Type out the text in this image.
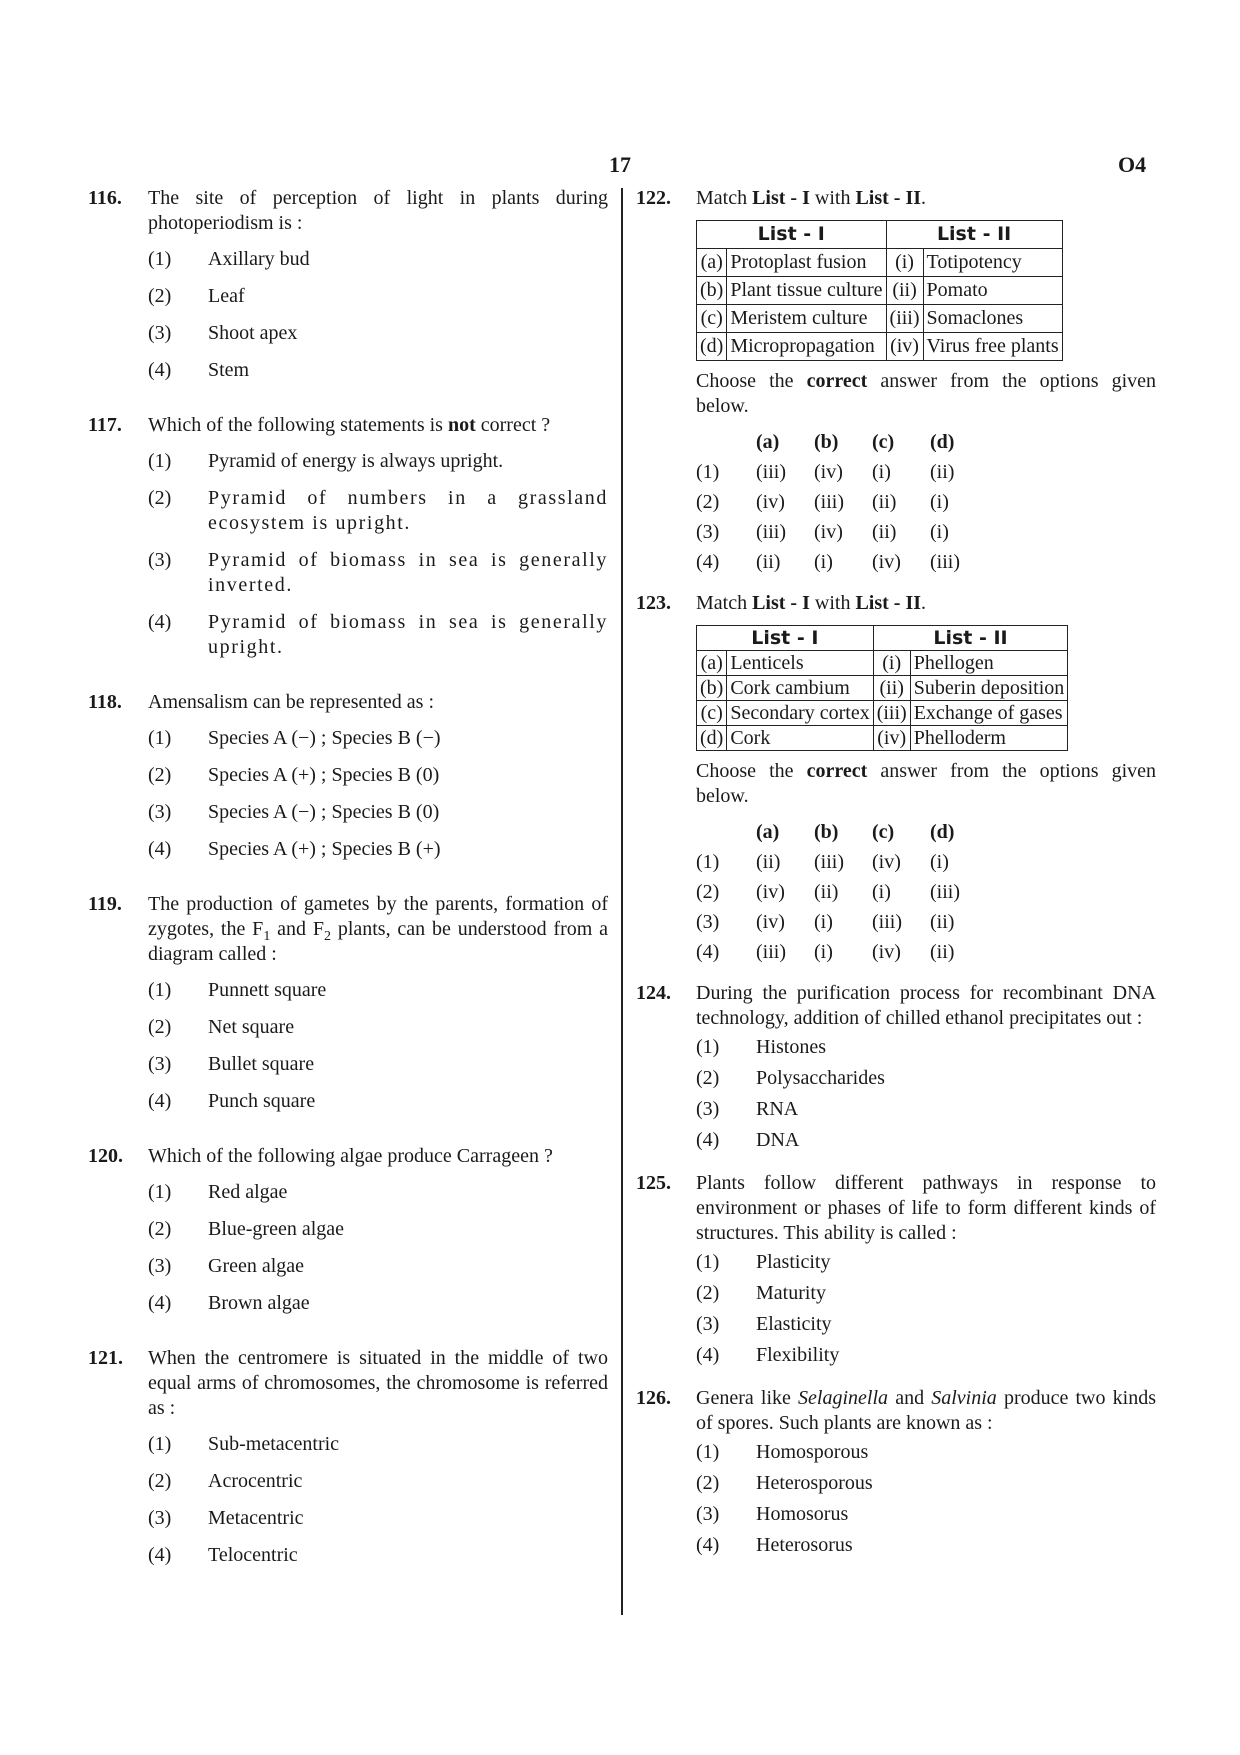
17	O4
116. The site of perception of light in plants during photoperiodism is :
(1) Axillary bud
(2) Leaf
(3) Shoot apex
(4) Stem
117. Which of the following statements is not correct ?
(1) Pyramid of energy is always upright.
(2) Pyramid of numbers in a grassland ecosystem is upright.
(3) Pyramid of biomass in sea is generally inverted.
(4) Pyramid of biomass in sea is generally upright.
118. Amensalism can be represented as :
(1) Species A (−) ; Species B (−)
(2) Species A (+) ; Species B (0)
(3) Species A (−) ; Species B (0)
(4) Species A (+) ; Species B (+)
119. The production of gametes by the parents, formation of zygotes, the $F_1$ and $F_2$ plants, can be understood from a diagram called :
(1) Punnett square
(2) Net square
(3) Bullet square
(4) Punch square
120. Which of the following algae produce Carrageen ?
(1) Red algae
(2) Blue-green algae
(3) Green algae
(4) Brown algae
121. When the centromere is situated in the middle of two equal arms of chromosomes, the chromosome is referred as :
(1) Sub-metacentric
(2) Acrocentric
(3) Metacentric
(4) Telocentric
122. Match List - I with List - II.
List - I		List - II	
(a)	Protoplast fusion	(i)	Totipotency
(b)	Plant tissue culture	(ii)	Pomato
(c)	Meristem culture	(iii)	Somaclones
(d)	Micropropagation	(iv)	Virus free plants
Choose the correct answer from the options given below.
(a)	(b)	(c)	(d)
(1)	(iii)	(iv)	(i)	(ii)
(2)	(iv)	(iii)	(ii)	(i)
(3)	(iii)	(iv)	(ii)	(i)
(4)	(ii)	(i)	(iv)	(iii)
123. Match List - I with List - II.
List - I		List - II	
(a)	Lenticels	(i)	Phellogen
(b)	Cork cambium	(ii)	Suberin deposition
(c)	Secondary cortex	(iii)	Exchange of gases
(d)	Cork	(iv)	Phelloderm
Choose the correct answer from the options given below.
(a)	(b)	(c)	(d)
(1)	(ii)	(iii)	(iv)	(i)
(2)	(iv)	(ii)	(i)	(iii)
(3)	(iv)	(i)	(iii)	(ii)
(4)	(iii)	(i)	(iv)	(ii)
124. During the purification process for recombinant DNA technology, addition of chilled ethanol precipitates out :
(1) Histones
(2) Polysaccharides
(3) RNA
(4) DNA
125. Plants follow different pathways in response to environment or phases of life to form different kinds of structures. This ability is called :
(1) Plasticity
(2) Maturity
(3) Elasticity
(4) Flexibility
126. Genera like Selaginella and Salvinia produce two kinds of spores. Such plants are known as :
(1) Homosporous
(2) Heterosporous
(3) Homosorus
(4) Heterosorus
